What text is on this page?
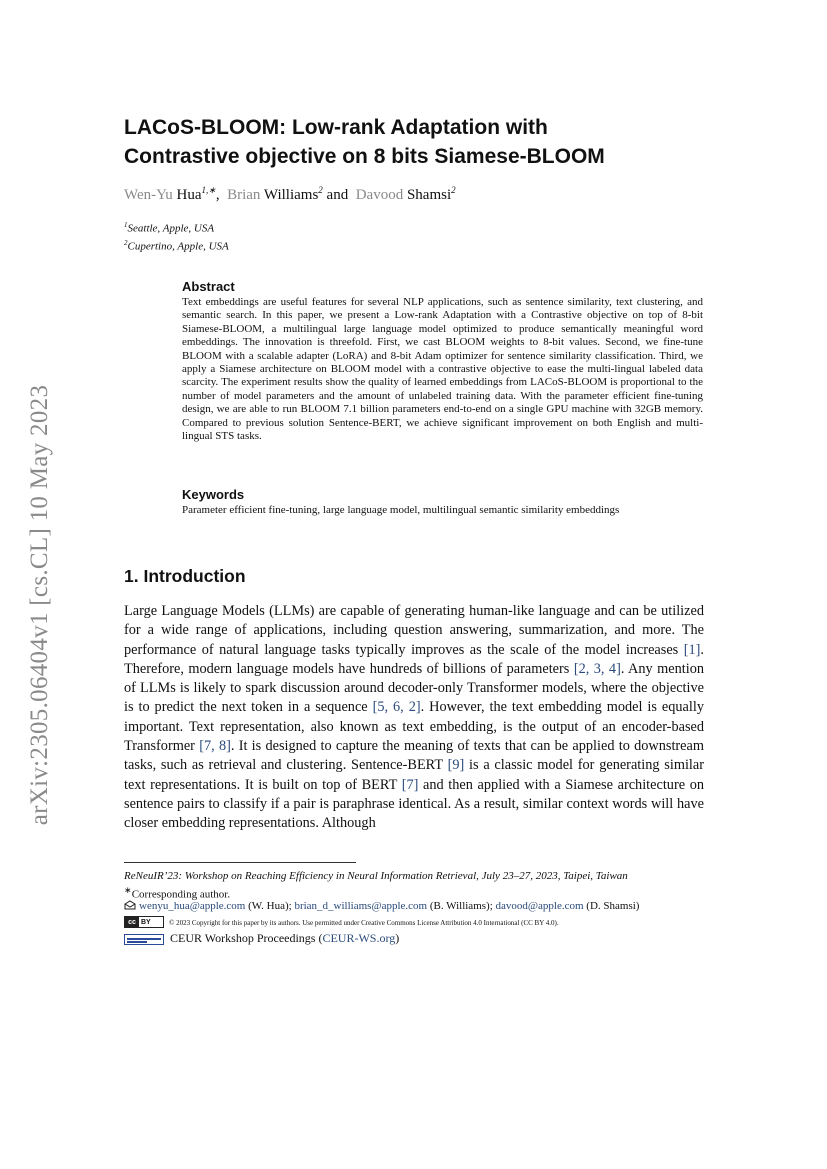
arXiv:2305.06404v1 [cs.CL] 10 May 2023
LACoS-BLOOM: Low-rank Adaptation with
Contrastive objective on 8 bits Siamese-BLOOM
Wen-Yu Hua$^{1,∗}$, Brian Williams$^2$ and Davood Shamsi$^2$
$^1$Seattle, Apple, USA
$^2$Cupertino, Apple, USA
Abstract

Text embeddings are useful features for several NLP applications, such as sentence similarity, text clustering, and semantic search. In this paper, we present a Low-rank Adaptation with a Contrastive objective on top of 8-bit Siamese-BLOOM, a multilingual large language model optimized to produce semantically meaningful word embeddings. The innovation is threefold. First, we cast BLOOM weights to 8-bit values. Second, we fine-tune BLOOM with a scalable adapter (LoRA) and 8-bit Adam optimizer for sentence similarity classification. Third, we apply a Siamese architecture on BLOOM model with a contrastive objective to ease the multi-lingual labeled data scarcity. The experiment results show the quality of learned embeddings from LACoS-BLOOM is proportional to the number of model parameters and the amount of unlabeled training data. With the parameter efficient fine-tuning design, we are able to run BLOOM 7.1 billion parameters end-to-end on a single GPU machine with 32GB memory. Compared to previous solution Sentence-BERT, we achieve significant improvement on both English and multi-lingual STS tasks.

Keywords

Parameter efficient fine-tuning, large language model, multilingual semantic similarity embeddings

1. Introduction

Large Language Models (LLMs) are capable of generating human-like language and can be utilized for a wide range of applications, including question answering, summarization, and more. The performance of natural language tasks typically improves as the scale of the model increases [1]. Therefore, modern language models have hundreds of billions of parameters [2, 3, 4]. Any mention of LLMs is likely to spark discussion around decoder-only Transformer models, where the objective is to predict the next token in a sequence [5, 6, 2]. However, the text embedding model is equally important. Text representation, also known as text embedding, is the output of an encoder-based Transformer [7, 8]. It is designed to capture the meaning of texts that can be applied to downstream tasks, such as retrieval and clustering. Sentence-BERT [9] is a classic model for generating similar text representations. It is built on top of BERT [7] and then applied with a Siamese architecture on sentence pairs to classify if a pair is paraphrase identical. As a result, similar context words will have closer embedding representations. Although

ReNeuIR’23: Workshop on Reaching Efficiency in Neural Information Retrieval, July 23–27, 2023, Taipei, Taiwan
∗Corresponding author.
wenyu_hua@apple.com (W. Hua); brian_d_williams@apple.com (B. Williams); davood@apple.com (D. Shamsi)
cc BY	© 2023 Copyright for this paper by its authors. Use permitted under Creative Commons License Attribution 4.0 International (CC BY 4.0).
CEUR Workshop Proceedings (CEUR-WS.org)
